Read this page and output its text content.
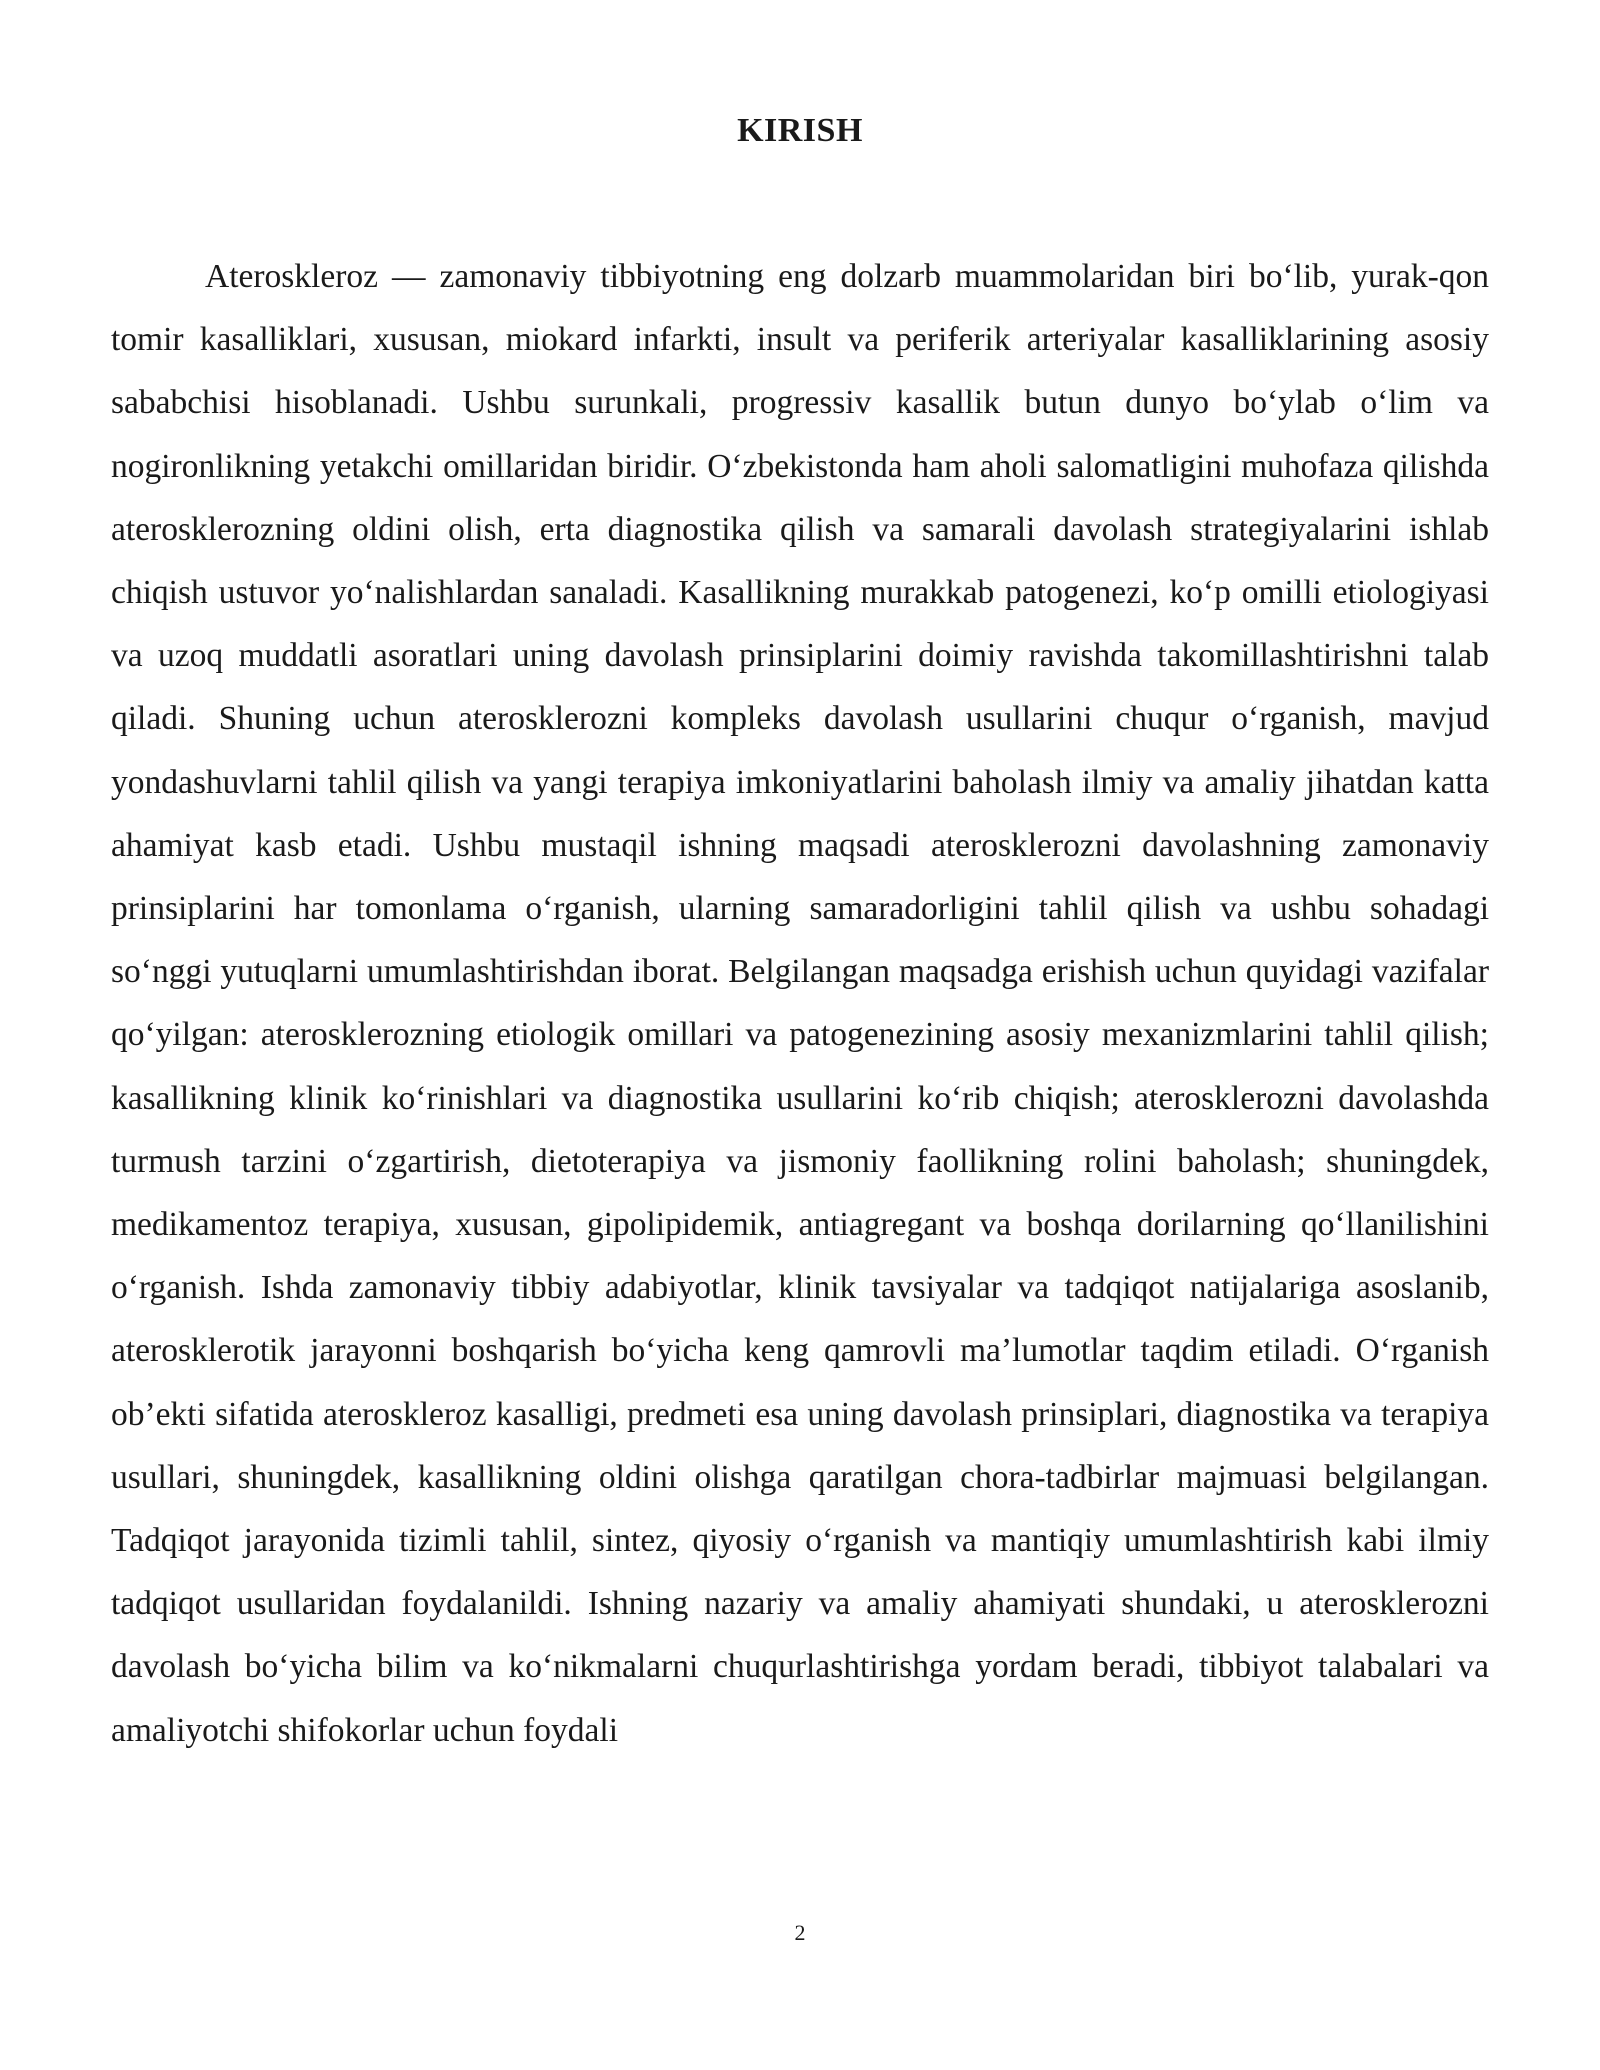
KIRISH

Ateroskleroz — zamonaviy tibbiyotning eng dolzarb muammolaridan biri bo‘lib, yurak-qon tomir kasalliklari, xususan, miokard infarkti, insult va periferik arteriyalar kasalliklarining asosiy sababchisi hisoblanadi. Ushbu surunkali, progressiv kasallik butun dunyo bo‘ylab o‘lim va nogironlikning yetakchi omillaridan biridir. O‘zbekistonda ham aholi salomatligini muhofaza qilishda aterosklerozning oldini olish, erta diagnostika qilish va samarali davolash strategiyalarini ishlab chiqish ustuvor yo‘nalishlardan sanaladi. Kasallikning murakkab patogenezi, ko‘p omilli etiologiyasi va uzoq muddatli asoratlari uning davolash prinsiplarini doimiy ravishda takomillashtirishni talab qiladi. Shuning uchun aterosklerozni kompleks davolash usullarini chuqur o‘rganish, mavjud yondashuvlarni tahlil qilish va yangi terapiya imkoniyatlarini baholash ilmiy va amaliy jihatdan katta ahamiyat kasb etadi. Ushbu mustaqil ishning maqsadi aterosklerozni davolashning zamonaviy prinsiplarini har tomonlama o‘rganish, ularning samaradorligini tahlil qilish va ushbu sohadagi so‘nggi yutuqlarni umumlashtirishdan iborat. Belgilangan maqsadga erishish uchun quyidagi vazifalar qo‘yilgan: aterosklerozning etiologik omillari va patogenezining asosiy mexanizmlarini tahlil qilish; kasallikning klinik ko‘rinishlari va diagnostika usullarini ko‘rib chiqish; aterosklerozni davolashda turmush tarzini o‘zgartirish, dietoterapiya va jismoniy faollikning rolini baholash; shuningdek, medikamentoz terapiya, xususan, gipolipidemik, antiagregant va boshqa dorilarning qo‘llanilishini o‘rganish. Ishda zamonaviy tibbiy adabiyotlar, klinik tavsiyalar va tadqiqot natijalariga asoslanib, aterosklerotik jarayonni boshqarish bo‘yicha keng qamrovli ma’lumotlar taqdim etiladi. O‘rganish ob’ekti sifatida ateroskleroz kasalligi, predmeti esa uning davolash prinsiplari, diagnostika va terapiya usullari, shuningdek, kasallikning oldini olishga qaratilgan chora-tadbirlar majmuasi belgilangan. Tadqiqot jarayonida tizimli tahlil, sintez, qiyosiy o‘rganish va mantiqiy umumlashtirish kabi ilmiy tadqiqot usullaridan foydalanildi. Ishning nazariy va amaliy ahamiyati shundaki, u aterosklerozni davolash bo‘yicha bilim va ko‘nikmalarni chuqurlashtirishga yordam beradi, tibbiyot talabalari va amaliyotchi shifokorlar uchun foydali

2
